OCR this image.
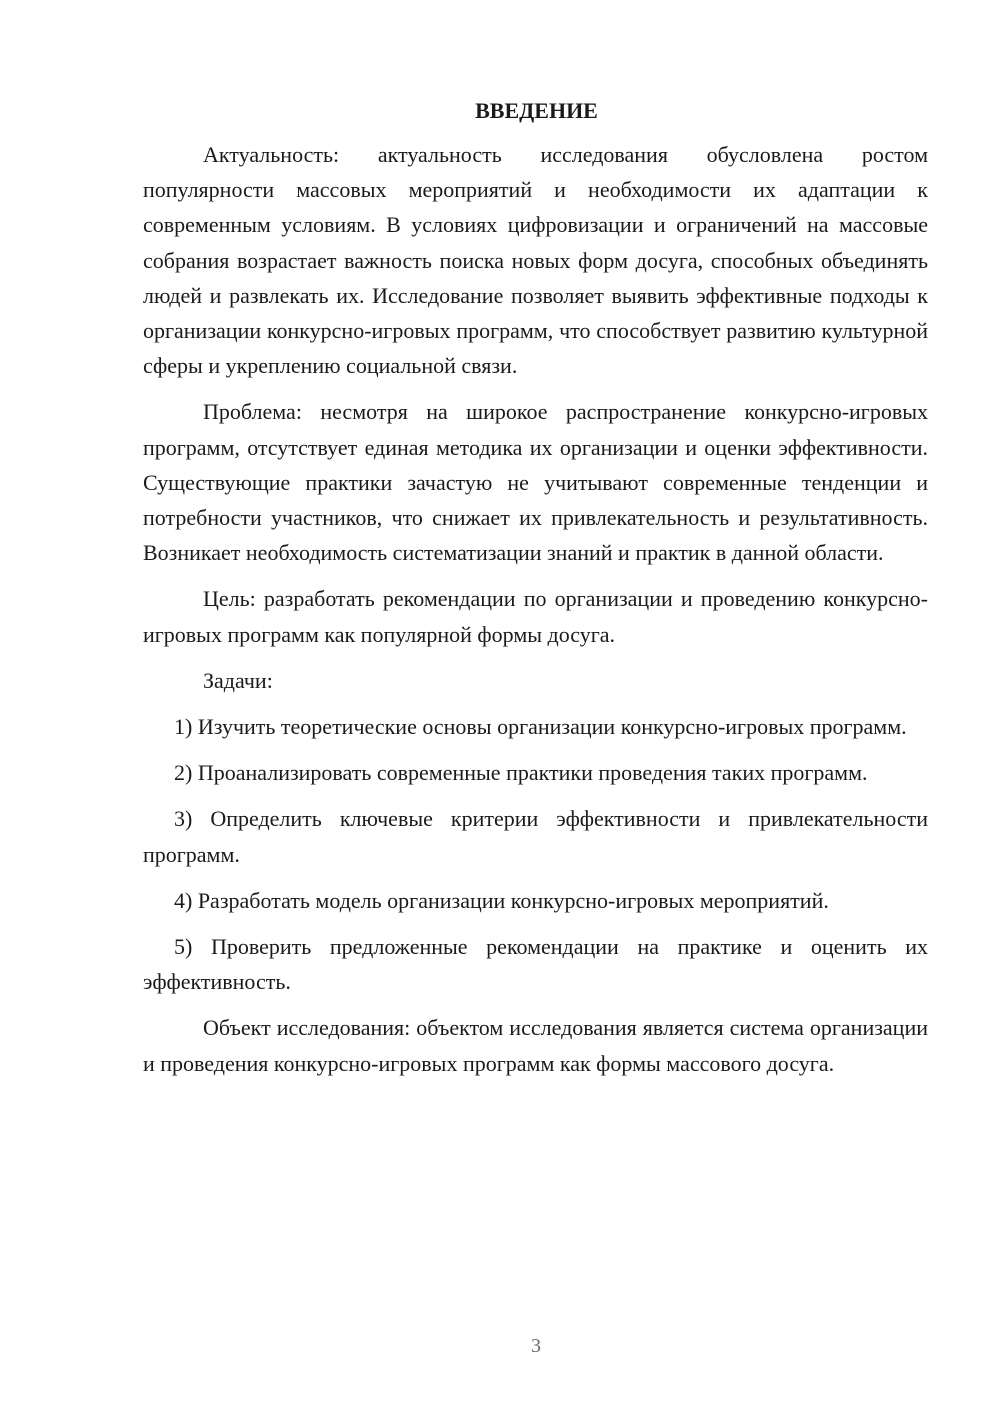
ВВЕДЕНИЕ

Актуальность: актуальность исследования обусловлена ростом популярности массовых мероприятий и необходимости их адаптации к современным условиям. В условиях цифровизации и ограничений на массовые собрания возрастает важность поиска новых форм досуга, способных объединять людей и развлекать их. Исследование позволяет выявить эффективные подходы к организации конкурсно-игровых программ, что способствует развитию культурной сферы и укреплению социальной связи.

Проблема: несмотря на широкое распространение конкурсно-игровых программ, отсутствует единая методика их организации и оценки эффективности. Существующие практики зачастую не учитывают современные тенденции и потребности участников, что снижает их привлекательность и результативность. Возникает необходимость систематизации знаний и практик в данной области.

Цель: разработать рекомендации по организации и проведению конкурсно-игровых программ как популярной формы досуга.

Задачи:

1) Изучить теоретические основы организации конкурсно-игровых программ.

2) Проанализировать современные практики проведения таких программ.

3) Определить ключевые критерии эффективности и привлекательности программ.

4) Разработать модель организации конкурсно-игровых мероприятий.

5) Проверить предложенные рекомендации на практике и оценить их эффективность.

Объект исследования: объектом исследования является система организации и проведения конкурсно-игровых программ как формы массового досуга.

3
